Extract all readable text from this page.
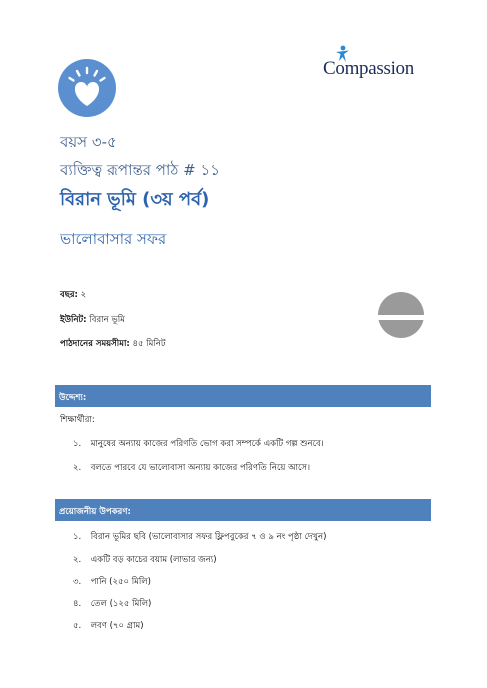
Compassion
বয়স ৩-৫
ব্যক্তিত্ব রূপান্তর পাঠ # ১১
বিরান ভূমি (৩য় পর্ব)
ভালোবাসার সফর
বছর: ২
ইউনিট: বিরান ভূমি
পাঠদানের সময়সীমা: ৪৫ মিনিট
উদ্দেশ্য:
শিক্ষার্থীরা:
১. মানুষের অন্যায় কাজের পরিণতি ভোগ করা সম্পর্কে একটি গল্প শুনবে।
২. বলতে পারবে যে ভালোবাসা অন্যায় কাজের পরিণতি নিয়ে আসে।
প্রয়োজনীয় উপকরণ:
১. বিরান ভূমির ছবি (ভালোবাসার সফর ফ্লিপবুকের ৭ ও ৯ নং পৃষ্ঠা দেখুন)
২. একটি বড় কাচের বয়াম (লাভার জন্য)
৩. পানি (২৫০ মিলি)
৪. তেল (১২৫ মিলি)
৫. লবণ (৭০ গ্রাম)
